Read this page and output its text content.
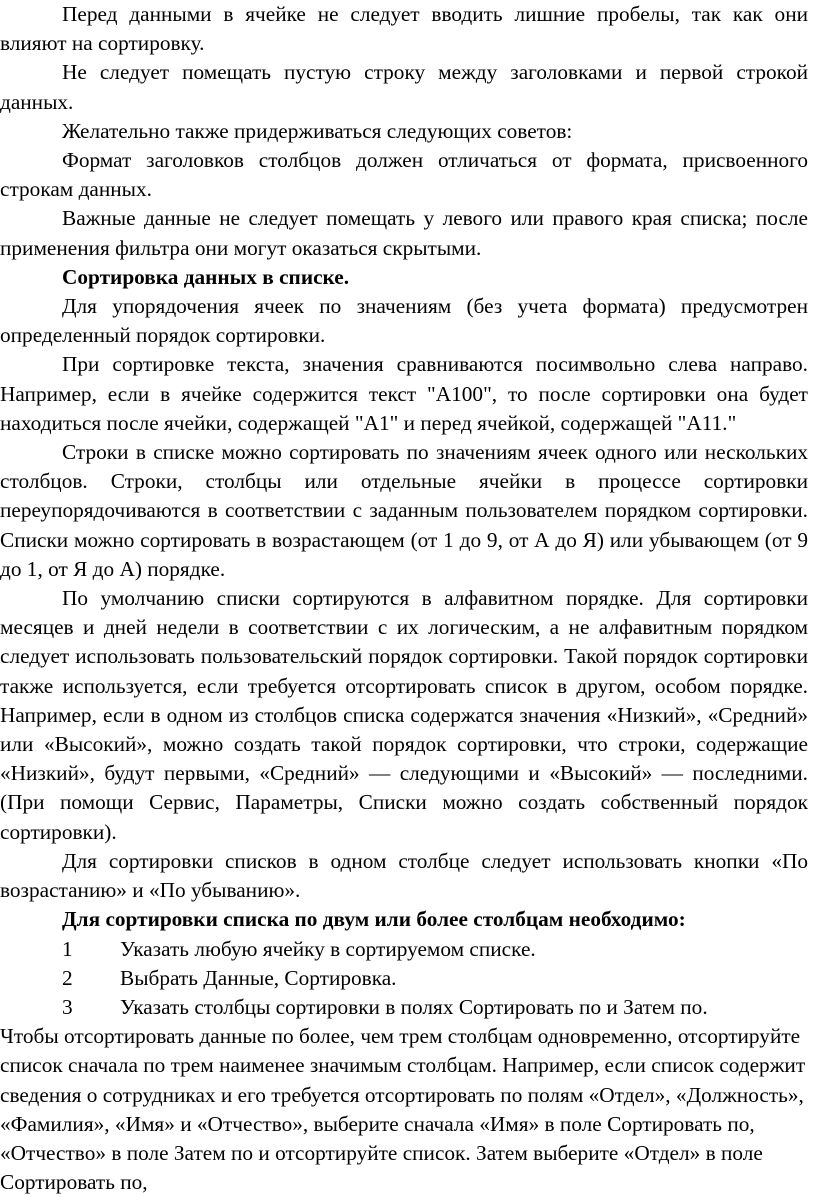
Перед данными в ячейке не следует вводить лишние пробелы, так как они влияют на сортировку.

Не следует помещать пустую строку между заголовками и первой строкой данных.

Желательно также придерживаться следующих советов:

Формат заголовков столбцов должен отличаться от формата, присвоенного строкам данных.

Важные данные не следует помещать у левого или правого края списка; после применения фильтра они могут оказаться скрытыми.

Сортировка данных в списке.

Для упорядочения ячеек по значениям (без учета формата) предусмотрен определенный порядок сортировки.

При сортировке текста, значения сравниваются посимвольно слева направо. Например, если в ячейке содержится текст "А100", то после сортировки она будет находиться после ячейки, содержащей "А1" и перед ячейкой, содержащей "А11."

Строки в списке можно сортировать по значениям ячеек одного или нескольких столбцов. Строки, столбцы или отдельные ячейки в процессе сортировки переупорядочиваются в соответствии с заданным пользователем порядком сортировки. Списки можно сортировать в возрастающем (от 1 до 9, от А до Я) или убывающем (от 9 до 1, от Я до А) порядке.

По умолчанию списки сортируются в алфавитном порядке. Для сортировки месяцев и дней недели в соответствии с их логическим, а не алфавитным порядком следует использовать пользовательский порядок сортировки. Такой порядок сортировки также используется, если требуется отсортировать список в другом, особом порядке. Например, если в одном из столбцов списка содержатся значения «Низкий», «Средний» или «Высокий», можно создать такой порядок сортировки, что строки, содержащие «Низкий», будут первыми, «Средний» — следующими и «Высокий» — последними. (При помощи Сервис, Параметры, Списки можно создать собственный порядок сортировки).

Для сортировки списков в одном столбце следует использовать кнопки «По возрастанию» и «По убыванию».

Для сортировки списка по двум или более столбцам необходимо:

1 Указать любую ячейку в сортируемом списке.

2 Выбрать Данные, Сортировка.

3 Указать столбцы сортировки в полях Сортировать по и Затем по.

Чтобы отсортировать данные по более, чем трем столбцам одновременно, отсортируйте список сначала по трем наименее значимым столбцам. Например, если список содержит сведения о сотрудниках и его требуется отсортировать по полям «Отдел», «Должность», «Фамилия», «Имя» и «Отчество», выберите сначала «Имя» в поле Сортировать по, «Отчество» в поле Затем по и отсортируйте список. Затем выберите «Отдел» в поле Сортировать по,
